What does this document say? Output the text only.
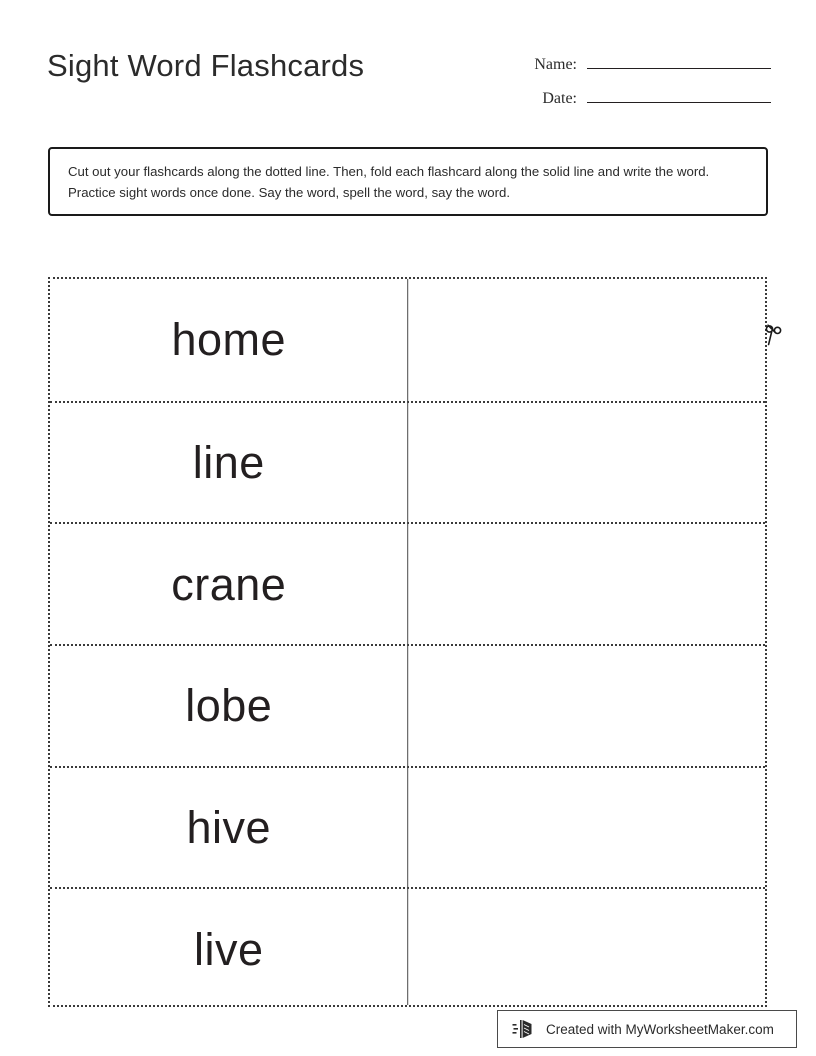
Sight Word Flashcards	Name:
Date:
Cut out your flashcards along the dotted line. Then, fold each flashcard along the solid line and write the word. Practice sight words once done. Say the word, spell the word, say the word.
home
line
crane
lobe
hive
live
Created with MyWorksheetMaker.com
